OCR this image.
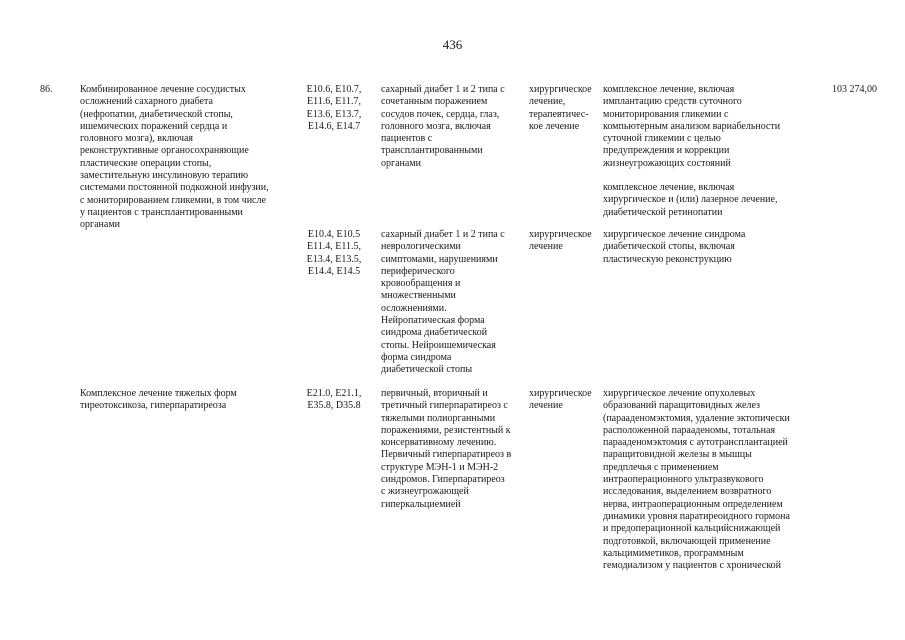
436
86.	103 274,00
Комбинированное лечение сосудистых
осложнений сахарного диабета
(нефропатии, диабетической стопы,
ишемических поражений сердца и
головного мозга), включая
реконструктивные органосохраняющие
пластические операции стопы,
заместительную инсулиновую терапию
системами постоянной подкожной инфузии,
с мониторированием гликемии, в том числе
у пациентов с трансплантированными
органами
E10.6, E10.7,
E11.6, E11.7,
E13.6, E13.7,
E14.6, E14.7
сахарный диабет 1 и 2 типа с
сочетанным поражением
сосудов почек, сердца, глаз,
головного мозга, включая
пациентов с
трансплантированными
органами
хирургическое
лечение,
терапевтичес-
кое лечение
комплексное лечение, включая
имплантацию средств суточного
мониторирования гликемии с
компьютерным анализом вариабельности
суточной гликемии с целью
предупреждения и коррекции
жизнеугрожающих состояний
комплексное лечение, включая
хирургическое и (или) лазерное лечение,
диабетической ретинопатии
E10.4, E10.5
E11.4, E11.5,
E13.4, E13.5,
E14.4, E14.5
сахарный диабет 1 и 2 типа с
неврологическими
симптомами, нарушениями
периферического
кровообращения и
множественными
осложнениями.
Нейропатическая форма
синдрома диабетической
стопы. Нейроишемическая
форма синдрома
диабетической стопы
хирургическое
лечение
хирургическое лечение синдрома
диабетической стопы, включая
пластическую реконструкцию
Комплексное лечение тяжелых форм
тиреотоксикоза, гиперпаратиреоза
E21.0, E21.1,
E35.8, D35.8
первичный, вторичный и
третичный гиперпаратиреоз с
тяжелыми полиорганными
поражениями, резистентный к
консервативному лечению.
Первичный гиперпаратиреоз в
структуре МЭН-1 и МЭН-2
синдромов. Гиперпаратиреоз
с жизнеугрожающей
гиперкальциемией
хирургическое
лечение
хирургическое лечение опухолевых
образований паращитовидных желез
(парааденомэктомия, удаление эктопически
расположенной парааденомы, тотальная
парааденомэктомия с аутотрансплантацией
паращитовидной железы в мышцы
предплечья с применением
интраоперационного ультразвукового
исследования, выделением возвратного
нерва, интраоперационным определением
динамики уровня паратиреоидного гормона
и предоперационной кальцийснижающей
подготовкой, включающей применение
кальцимиметиков, программным
гемодиализом у пациентов с хронической
